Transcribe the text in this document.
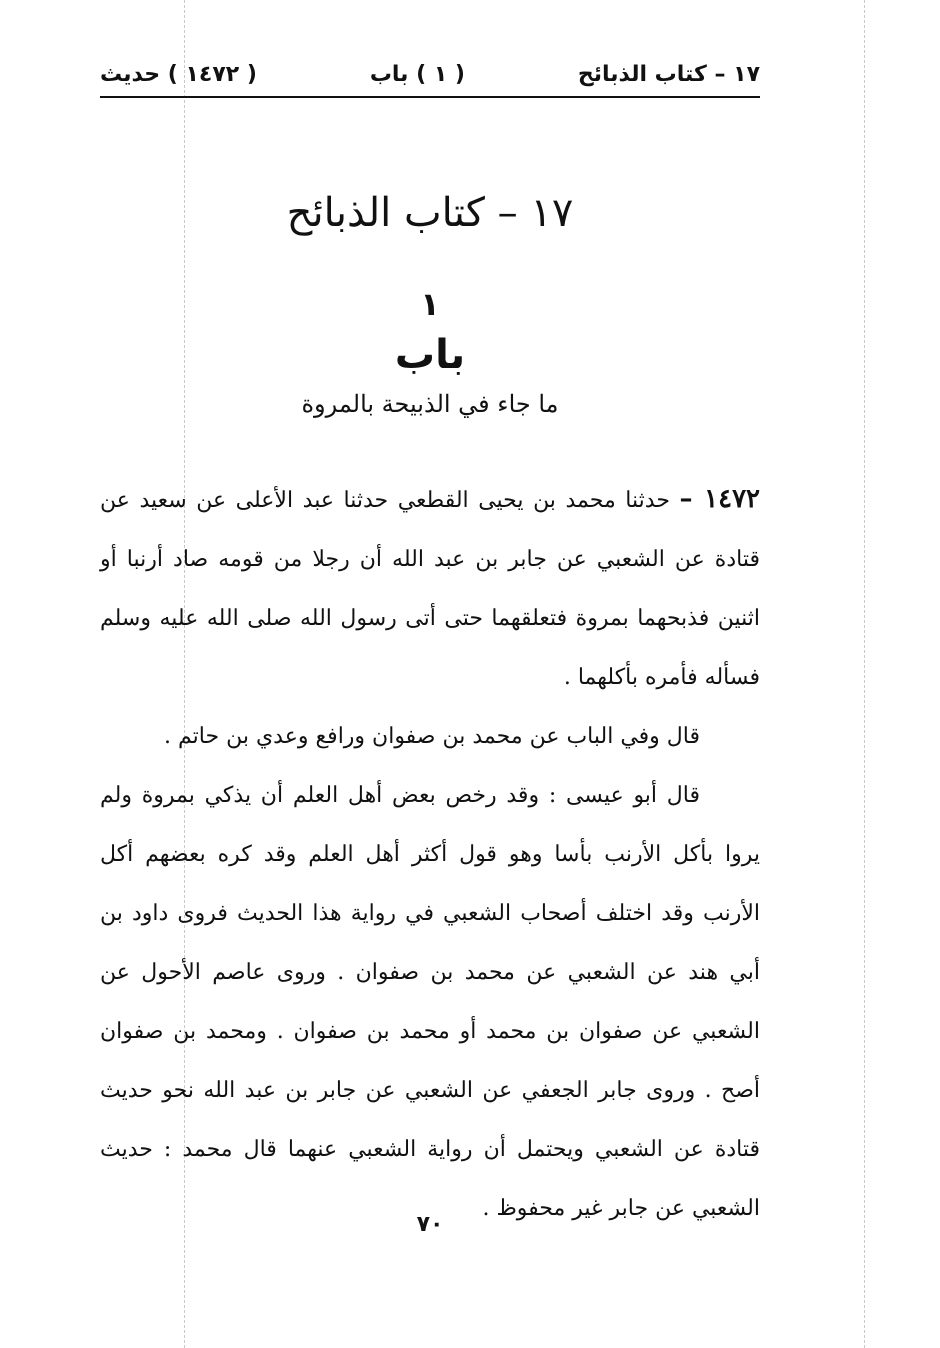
١٧ – كتاب الذبائح
( ١ ) باب
( ١٤٧٢ ) حديث
١٧ – كتاب الذبائح
١
باب
ما جاء في الذبيحة بالمروة

١٤٧٢ – حدثنا محمد بن يحيى القطعي حدثنا عبد الأعلى عن سعيد عن قتادة عن الشعبي عن جابر بن عبد الله أن رجلا من قومه صاد أرنبا أو اثنين فذبحهما بمروة فتعلقهما حتى أتى رسول الله صلى الله عليه وسلم فسأله فأمره بأكلهما .

قال وفي الباب عن محمد بن صفوان ورافع وعدي بن حاتم .

قال أبو عيسى : وقد رخص بعض أهل العلم أن يذكي بمروة ولم يروا بأكل الأرنب بأسا وهو قول أكثر أهل العلم وقد كره بعضهم أكل الأرنب وقد اختلف أصحاب الشعبي في رواية هذا الحديث فروى داود بن أبي هند عن الشعبي عن محمد بن صفوان . وروى عاصم الأحول عن الشعبي عن صفوان بن محمد أو محمد بن صفوان . ومحمد بن صفوان أصح . وروى جابر الجعفي عن الشعبي عن جابر بن عبد الله نحو حديث قتادة عن الشعبي ويحتمل أن رواية الشعبي عنهما قال محمد : حديث الشعبي عن جابر غير محفوظ .

٧٠
